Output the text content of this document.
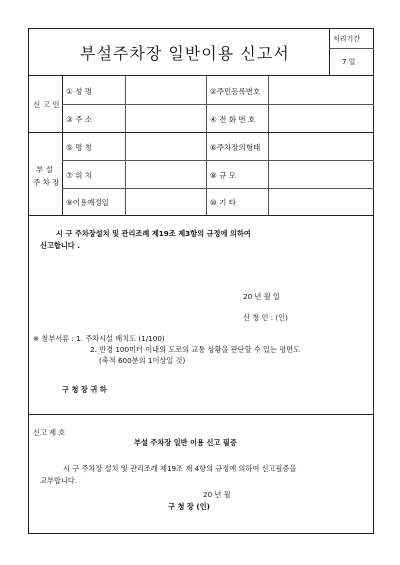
부설주차장 일반이용 신고서
처리기간
7 일
신 고 인
① 성 명	②주민등록번호
③ 주 소	④ 전 화 번 호
부 설
주 차 장
⑤ 명 칭	⑥주차장의형태
⑦ 위 치	⑧ 규 모
⑨이용예정일	⑩ 기 타
시 구 주차장설치 및 관리조례 제19조 제3항의 규정에 의하여
신고합니다 .
20 년 월 일
신 청 인 : (인)
※ 첨부서류 : 1. 주차시설 배치도 (1/100)
2. 반경 100미터 이내의 도로의 교통 상황을 판단할 수 있는 평면도
(축적 600분의 1이상일 것)
구 청 장 귀 하
신고 제 호
부설 주차장 일반 이용 신고 필증
시 구 주차장 설치 및 관리조례 제19조 제 4항의 규정에 의하여 신고필증을
교부합니다.
20 년 월
구 청 장 (인)
